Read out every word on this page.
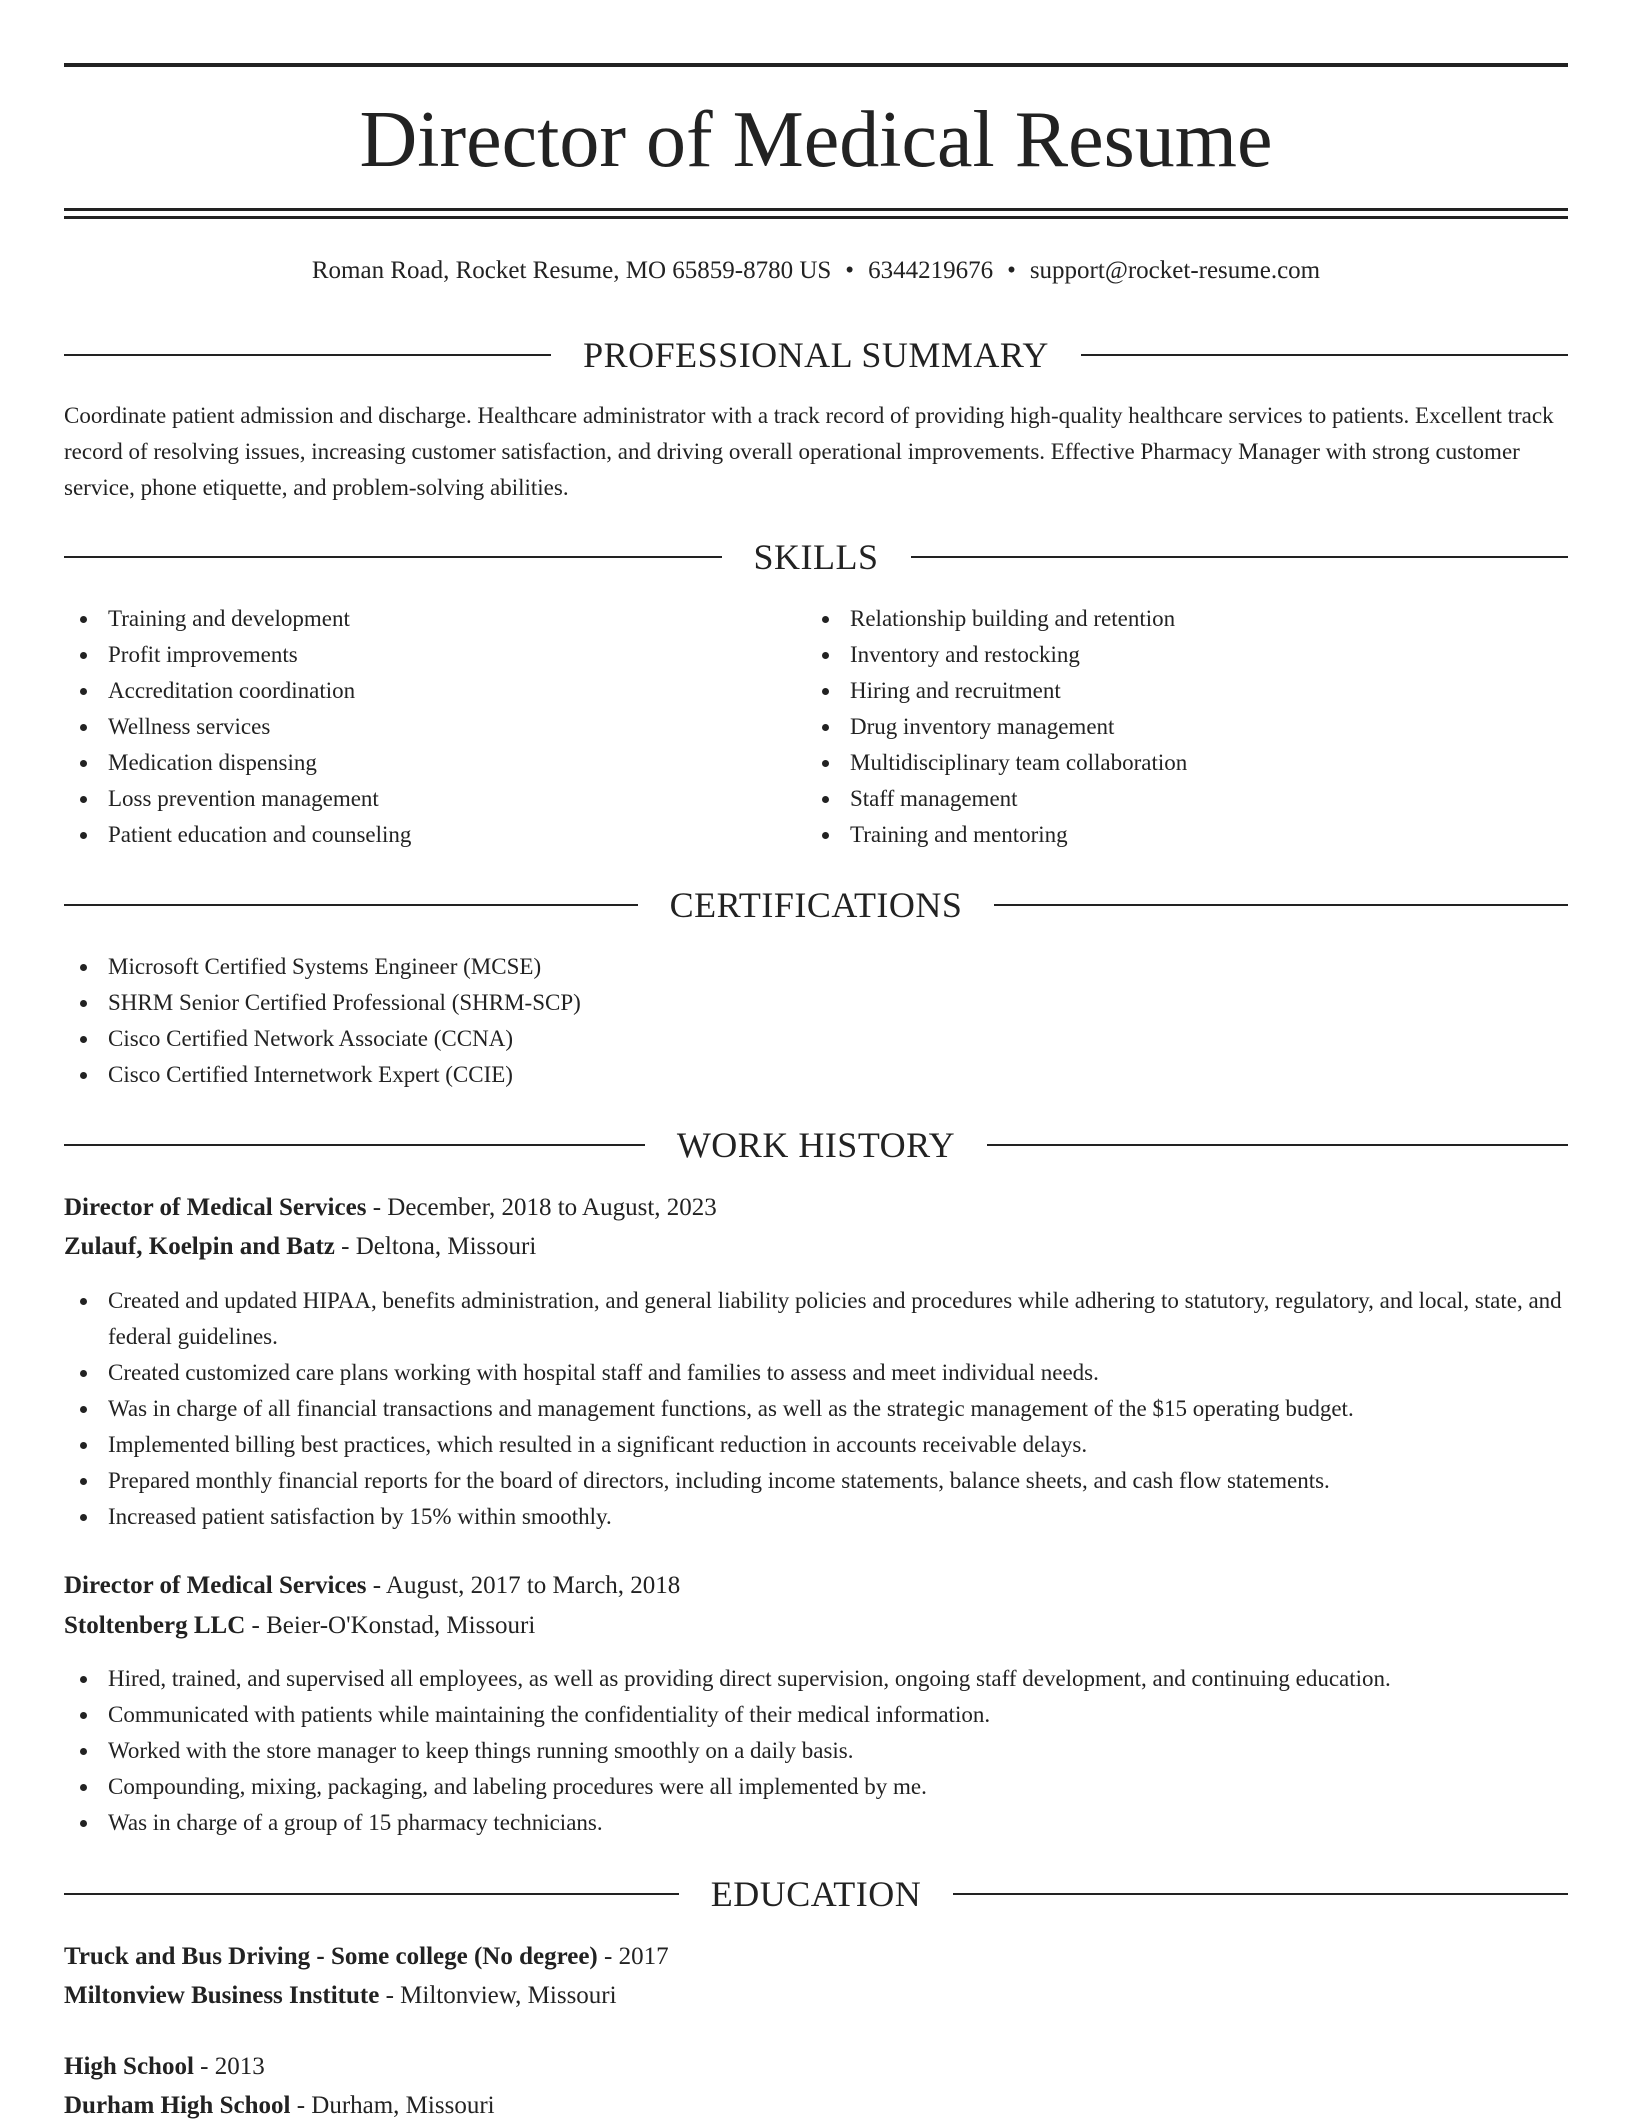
Director of Medical Resume
Roman Road, Rocket Resume, MO 65859-8780 US • 6344219676 • support@rocket-resume.com
PROFESSIONAL SUMMARY

Coordinate patient admission and discharge. Healthcare administrator with a track record of providing high-quality healthcare services to patients. Excellent track record of resolving issues, increasing customer satisfaction, and driving overall operational improvements. Effective Pharmacy Manager with strong customer service, phone etiquette, and problem-solving abilities.

SKILLS
Training and development
Profit improvements
Accreditation coordination
Wellness services
Medication dispensing
Loss prevention management
Patient education and counseling
Relationship building and retention
Inventory and restocking
Hiring and recruitment
Drug inventory management
Multidisciplinary team collaboration
Staff management
Training and mentoring
CERTIFICATIONS
Microsoft Certified Systems Engineer (MCSE)
SHRM Senior Certified Professional (SHRM-SCP)
Cisco Certified Network Associate (CCNA)
Cisco Certified Internetwork Expert (CCIE)
WORK HISTORY
Director of Medical Services - December, 2018 to August, 2023
Zulauf, Koelpin and Batz - Deltona, Missouri
Created and updated HIPAA, benefits administration, and general liability policies and procedures while adhering to statutory, regulatory, and local, state, and federal guidelines.
Created customized care plans working with hospital staff and families to assess and meet individual needs.
Was in charge of all financial transactions and management functions, as well as the strategic management of the $15 operating budget.
Implemented billing best practices, which resulted in a significant reduction in accounts receivable delays.
Prepared monthly financial reports for the board of directors, including income statements, balance sheets, and cash flow statements.
Increased patient satisfaction by 15% within smoothly.
Director of Medical Services - August, 2017 to March, 2018
Stoltenberg LLC - Beier-O'Konstad, Missouri
Hired, trained, and supervised all employees, as well as providing direct supervision, ongoing staff development, and continuing education.
Communicated with patients while maintaining the confidentiality of their medical information.
Worked with the store manager to keep things running smoothly on a daily basis.
Compounding, mixing, packaging, and labeling procedures were all implemented by me.
Was in charge of a group of 15 pharmacy technicians.
EDUCATION
Truck and Bus Driving - Some college (No degree) - 2017
Miltonview Business Institute - Miltonview, Missouri
High School - 2013
Durham High School - Durham, Missouri
